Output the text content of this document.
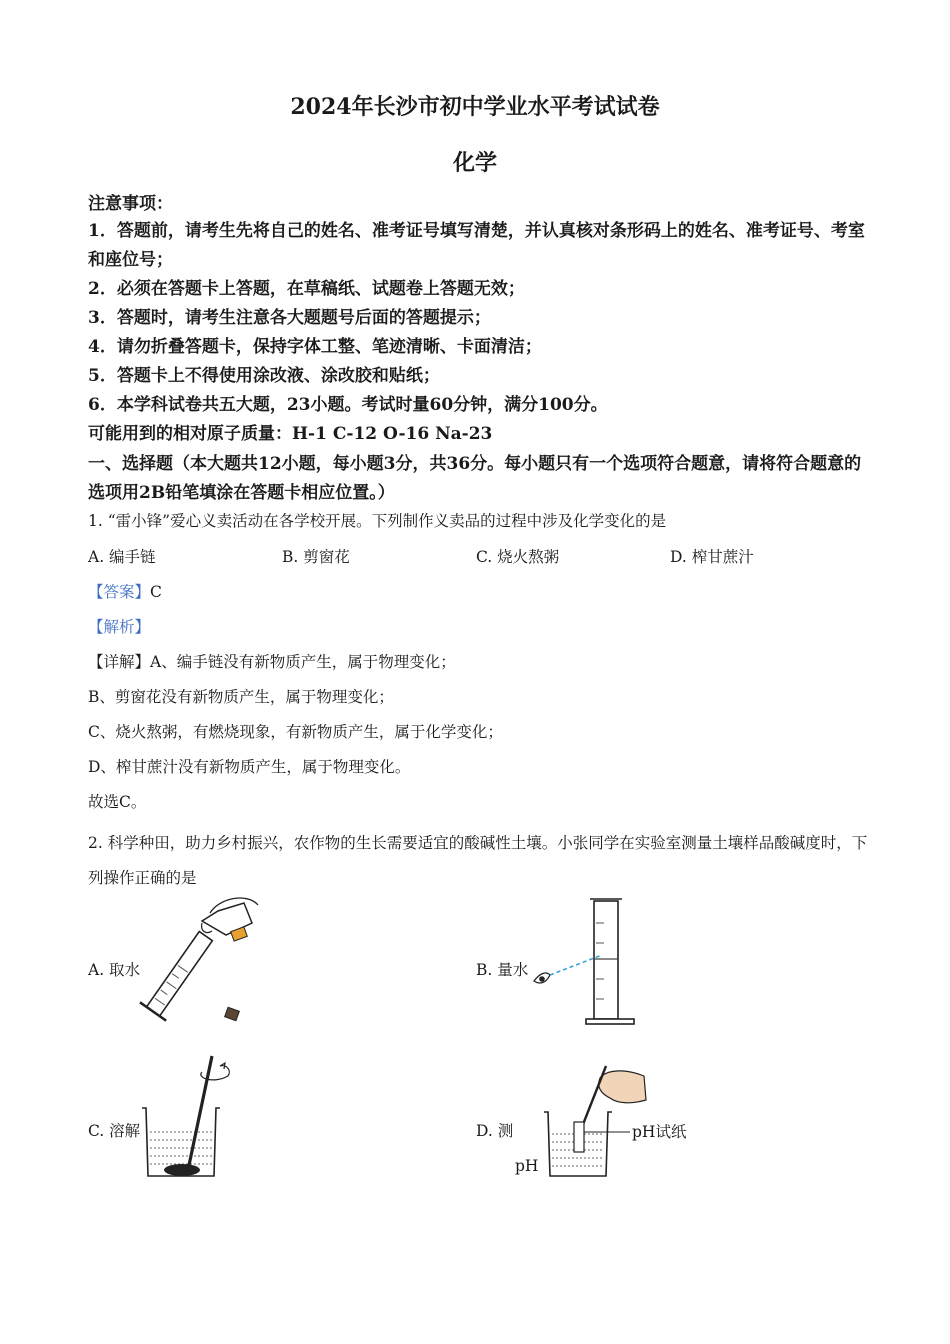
2024年长沙市初中学业水平考试试卷
化学
注意事项：
1．答题前，请考生先将自己的姓名、准考证号填写清楚，并认真核对条形码上的姓名、准考证号、考室和座位号；
2．必须在答题卡上答题，在草稿纸、试题卷上答题无效；
3．答题时，请考生注意各大题题号后面的答题提示；
4．请勿折叠答题卡，保持字体工整、笔迹清晰、卡面清洁；
5．答题卡上不得使用涂改液、涂改胶和贴纸；
6．本学科试卷共五大题，23小题。考试时量60分钟，满分100分。
可能用到的相对原子质量：H-1 C-12 O-16 Na-23
一、选择题（本大题共12小题，每小题3分，共36分。每小题只有一个选项符合题意，请将符合题意的选项用2B铅笔填涂在答题卡相应位置。）
1. “雷小锋”爱心义卖活动在各学校开展。下列制作义卖品的过程中涉及化学变化的是
A. 编手链	B. 剪窗花	C. 烧火熬粥	D. 榨甘蔗汁
【答案】C
【解析】
【详解】A、编手链没有新物质产生，属于物理变化；
B、剪窗花没有新物质产生，属于物理变化；
C、烧火熬粥，有燃烧现象，有新物质产生，属于化学变化；
D、榨甘蔗汁没有新物质产生，属于物理变化。
故选C。
2. 科学种田，助力乡村振兴，农作物的生长需要适宜的酸碱性土壤。小张同学在实验室测量土壤样品酸碱度时，下列操作正确的是
A. 取水	B. 量水
C. 溶解	D. 测
pH
pH试纸
